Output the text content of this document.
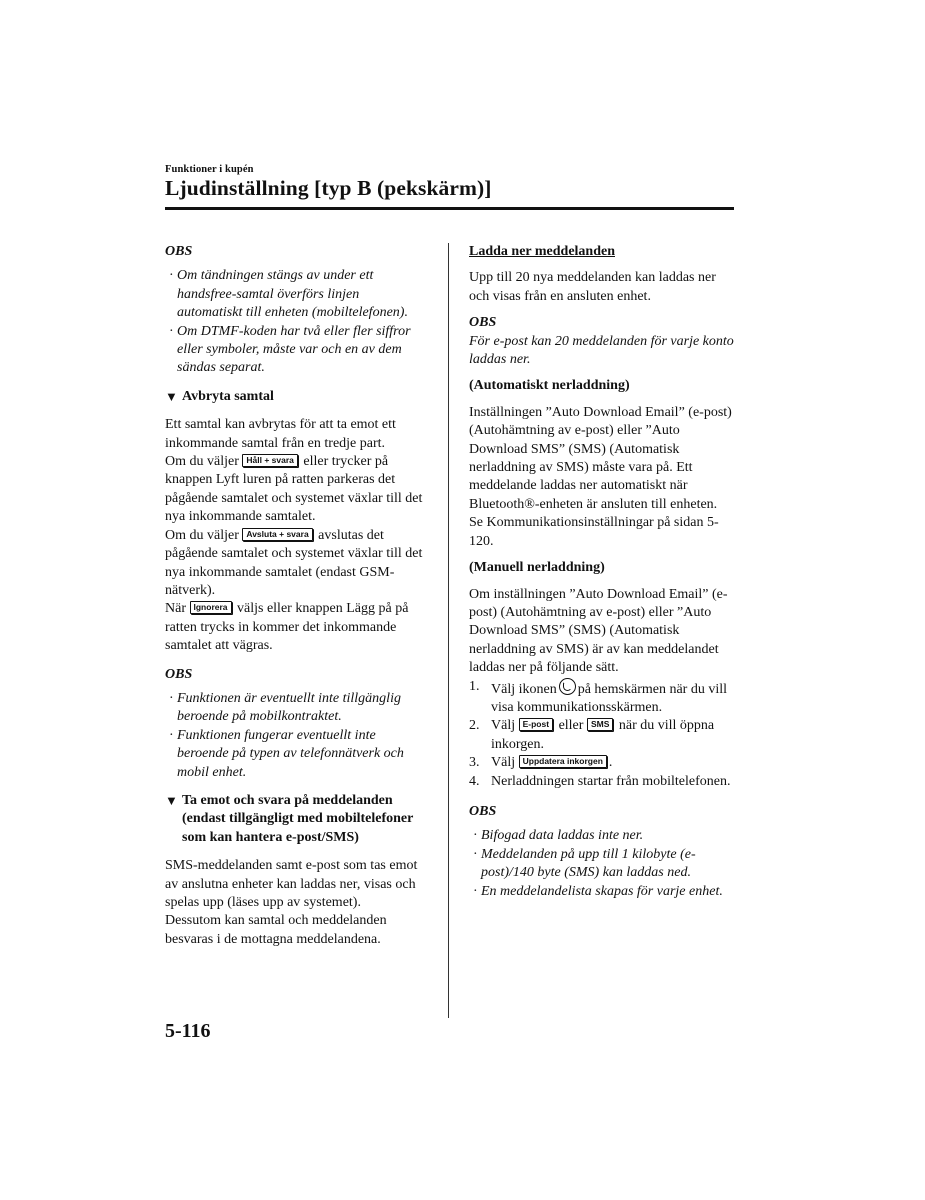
Funktioner i kupén
Ljudinställning [typ B (pekskärm)]

OBS

· Om tändningen stängs av under ett handsfree-samtal överförs linjen automatiskt till enheten (mobiltelefonen).
· Om DTMF-koden har två eller fler siffror eller symboler, måste var och en av dem sändas separat.
▼ Avbryta samtal

Ett samtal kan avbrytas för att ta emot ett inkommande samtal från en tredje part.

Om du väljer Håll + svara eller trycker på knappen Lyft luren på ratten parkeras det pågående samtalet och systemet växlar till det nya inkommande samtalet.

Om du väljer Avsluta + svara avslutas det pågående samtalet och systemet växlar till det nya inkommande samtalet (endast GSM-nätverk).

När Ignorera väljs eller knappen Lägg på på ratten trycks in kommer det inkommande samtalet att vägras.

OBS

· Funktionen är eventuellt inte tillgänglig beroende på mobilkontraktet.
· Funktionen fungerar eventuellt inte beroende på typen av telefonnätverk och mobil enhet.
▼ Ta emot och svara på meddelanden (endast tillgängligt med mobiltelefoner som kan hantera e-post/SMS)

SMS-meddelanden samt e-post som tas emot av anslutna enheter kan laddas ner, visas och spelas upp (läses upp av systemet).

Dessutom kan samtal och meddelanden besvaras i de mottagna meddelandena.

Ladda ner meddelanden

Upp till 20 nya meddelanden kan laddas ner och visas från en ansluten enhet.

OBS

För e-post kan 20 meddelanden för varje konto laddas ner.

(Automatiskt nerladdning)

Inställningen ”Auto Download Email” (e-post) (Autohämtning av e-post) eller ”Auto Download SMS” (SMS) (Automatisk nerladdning av SMS) måste vara på. Ett meddelande laddas ner automatiskt när Bluetooth®-enheten är ansluten till enheten.

Se Kommunikationsinställningar på sidan 5-120.

(Manuell nerladdning)

Om inställningen ”Auto Download Email” (e-post) (Autohämtning av e-post) eller ”Auto Download SMS” (SMS) (Automatisk nerladdning av SMS) är av kan meddelandet laddas ner på följande sätt.

1. Välj ikonen på hemskärmen när du vill visa kommunikationsskärmen.
2. Välj E-post eller SMS när du vill öppna inkorgen.
3. Välj Uppdatera inkorgen .
4. Nerladdningen startar från mobiltelefonen.

OBS

· Bifogad data laddas inte ner.
· Meddelanden på upp till 1 kilobyte (e-post)/140 byte (SMS) kan laddas ned.
· En meddelandelista skapas för varje enhet.
5-116
